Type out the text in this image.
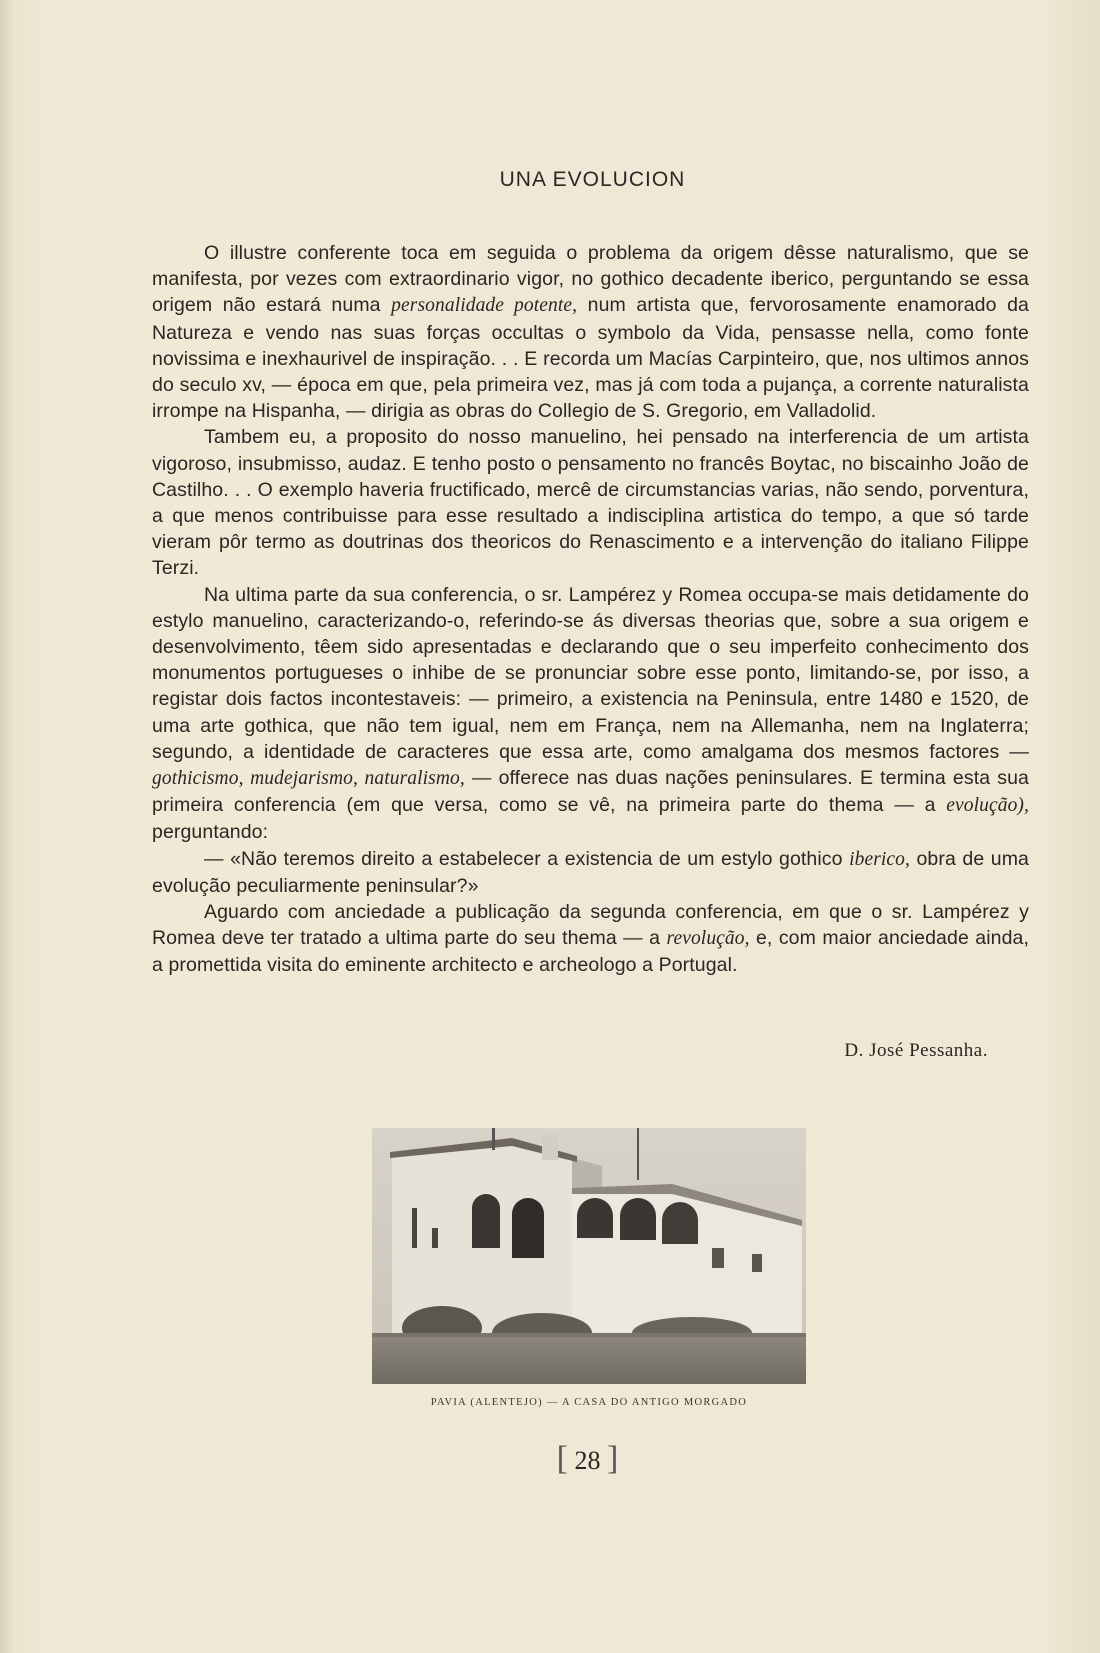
UNA EVOLUCION

O illustre conferente toca em seguida o problema da origem dêsse naturalismo, que se manifesta, por vezes com extraordinario vigor, no gothico decadente iberico, perguntando se essa origem não estará numa personalidade potente, num artista que, fervorosamente enamorado da Natureza e vendo nas suas forças occultas o symbolo da Vida, pensasse nella, como fonte novissima e inexhaurivel de inspiração. . . E recorda um Macías Carpinteiro, que, nos ultimos annos do seculo xv, — época em que, pela primeira vez, mas já com toda a pujança, a corrente naturalista irrompe na Hispanha, — dirigia as obras do Collegio de S. Gregorio, em Valladolid.

Tambem eu, a proposito do nosso manuelino, hei pensado na interferencia de um artista vigoroso, insubmisso, audaz. E tenho posto o pensamento no francês Boytac, no biscainho João de Castilho. . . O exemplo haveria fructificado, mercê de circumstancias varias, não sendo, porventura, a que menos contribuisse para esse resultado a indisciplina artistica do tempo, a que só tarde vieram pôr termo as doutrinas dos theoricos do Renascimento e a intervenção do italiano Filippe Terzi.

Na ultima parte da sua conferencia, o sr. Lampérez y Romea occupa-se mais detidamente do estylo manuelino, caracterizando-o, referindo-se ás diversas theorias que, sobre a sua origem e desenvolvimento, têem sido apresentadas e declarando que o seu imperfeito conhecimento dos monumentos portugueses o inhibe de se pronunciar sobre esse ponto, limitando-se, por isso, a registar dois factos incontestaveis: — primeiro, a existencia na Peninsula, entre 1480 e 1520, de uma arte gothica, que não tem igual, nem em França, nem na Allemanha, nem na Inglaterra; segundo, a identidade de caracteres que essa arte, como amalgama dos mesmos factores — gothicismo, mudejarismo, naturalismo, — offerece nas duas nações peninsulares. E termina esta sua primeira conferencia (em que versa, como se vê, na primeira parte do thema — a evolução), perguntando:

— «Não teremos direito a estabelecer a existencia de um estylo gothico iberico, obra de uma evolução peculiarmente peninsular?»

Aguardo com anciedade a publicação da segunda conferencia, em que o sr. Lampérez y Romea deve ter tratado a ultima parte do seu thema — a revolução, e, com maior anciedade ainda, a promettida visita do eminente architecto e archeologo a Portugal.

D. José Pessanha.
PAVIA (ALENTEJO) — A CASA DO ANTIGO MORGADO
[ 28 ]
